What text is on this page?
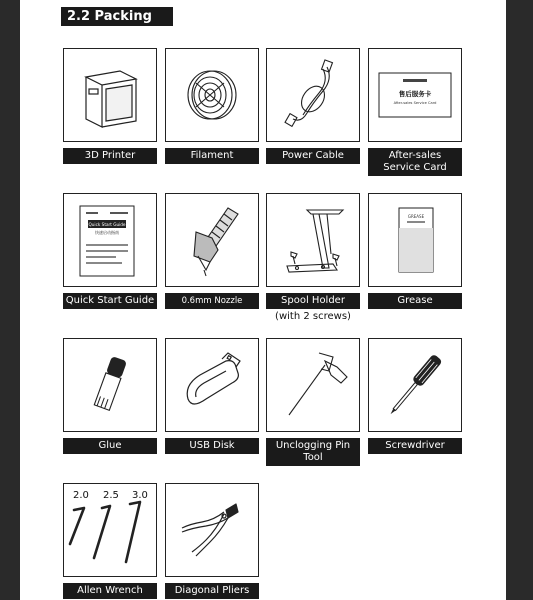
2.2 Packing List
3D Printer	Filament	Power Cable
售后服务卡
After-sales Service Card
After-sales
Service Card
Quick Start Guide
快速启动指南
Quick Start Guide	0.6mm Nozzle	Spool Holder
(with 2 screws)
GREASE
Grease
Glue	USB Disk	Unclogging Pin Tool
Screwdriver
2.0 2.5 3.0
Allen Wrench	Diagonal Pliers
